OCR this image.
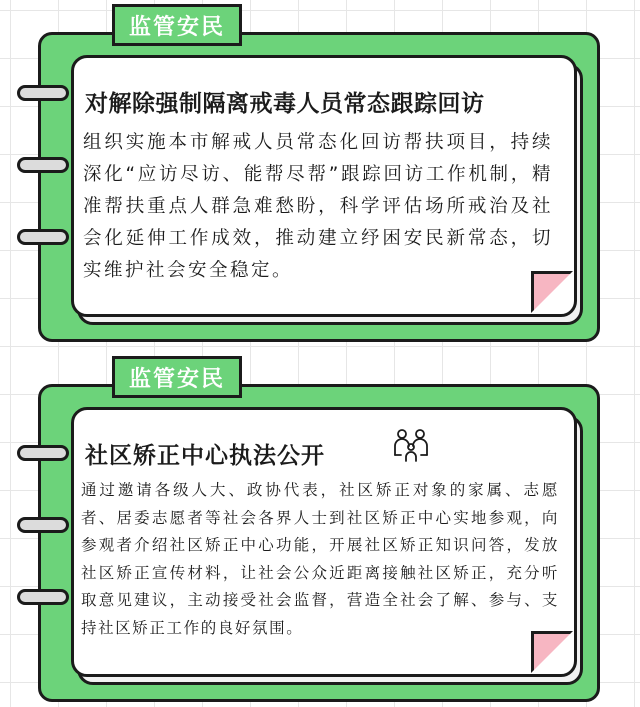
监管安民
对解除强制隔离戒毒人员常态跟踪回访
组织实施本市解戒人员常态化回访帮扶项目，持续深化“应访尽访、能帮尽帮”跟踪回访工作机制，精准帮扶重点人群急难愁盼，科学评估场所戒治及社会化延伸工作成效，推动建立纾困安民新常态，切实维护社会安全稳定。
监管安民
社区矫正中心执法公开
通过邀请各级人大、政协代表，社区矫正对象的家属、志愿者、居委志愿者等社会各界人士到社区矫正中心实地参观，向参观者介绍社区矫正中心功能，开展社区矫正知识问答，发放社区矫正宣传材料，让社会公众近距离接触社区矫正，充分听取意见建议，主动接受社会监督，营造全社会了解、参与、支持社区矫正工作的良好氛围。
